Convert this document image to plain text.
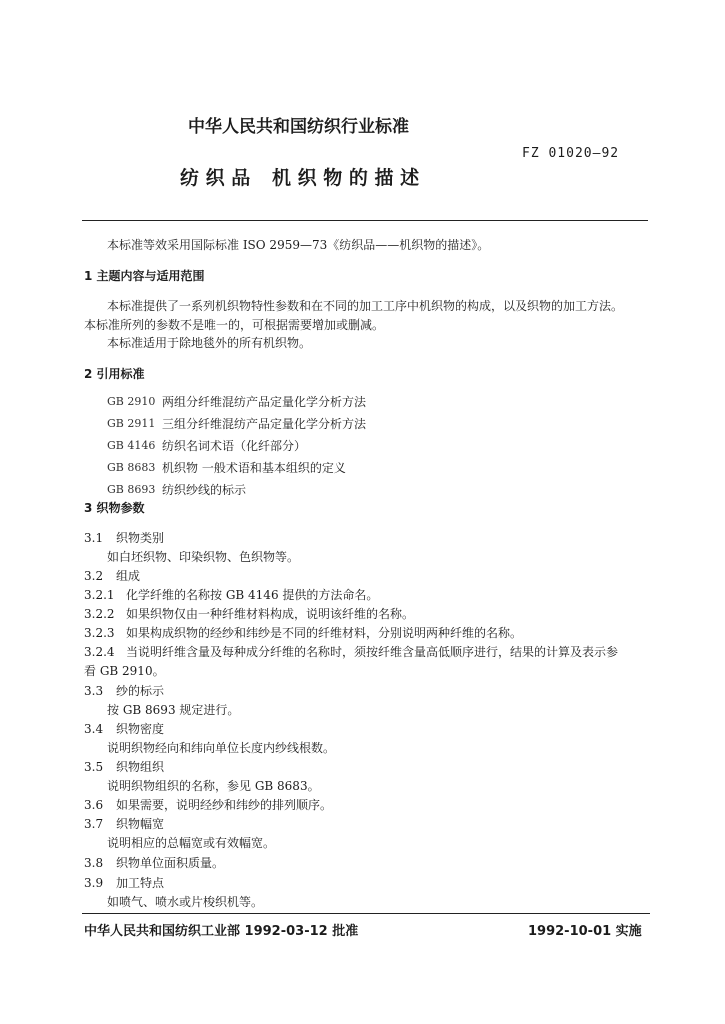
中华人民共和国纺织行业标准
FZ 01020—92
纺 织 品 机 织 物 的 描 述
本标准等效采用国际标准 ISO 2959—73《纺织品——机织物的描述》。
1 主题内容与适用范围
本标准提供了一系列机织物特性参数和在不同的加工工序中机织物的构成，以及织物的加工方法。
本标准所列的参数不是唯一的，可根据需要增加或删减。
本标准适用于除地毯外的所有机织物。
2 引用标准
GB 2910 两组分纤维混纺产品定量化学分析方法
GB 2911 三组分纤维混纺产品定量化学分析方法
GB 4146 纺织名词术语（化纤部分）
GB 8683 机织物 一般术语和基本组织的定义
GB 8693 纺织纱线的标示
3 织物参数
3.1 织物类别
如白坯织物、印染织物、色织物等。
3.2 组成
3.2.1 化学纤维的名称按 GB 4146 提供的方法命名。
3.2.2 如果织物仅由一种纤维材料构成，说明该纤维的名称。
3.2.3 如果构成织物的经纱和纬纱是不同的纤维材料，分别说明两种纤维的名称。
3.2.4 当说明纤维含量及每种成分纤维的名称时，须按纤维含量高低顺序进行，结果的计算及表示参
看 GB 2910。
3.3 纱的标示
按 GB 8693 规定进行。
3.4 织物密度
说明织物经向和纬向单位长度内纱线根数。
3.5 织物组织
说明织物组织的名称，参见 GB 8683。
3.6 如果需要，说明经纱和纬纱的排列顺序。
3.7 织物幅宽
说明相应的总幅宽或有效幅宽。
3.8 织物单位面积质量。
3.9 加工特点
如喷气、喷水或片梭织机等。
中华人民共和国纺织工业部 1992-03-12 批准	1992-10-01 实施
